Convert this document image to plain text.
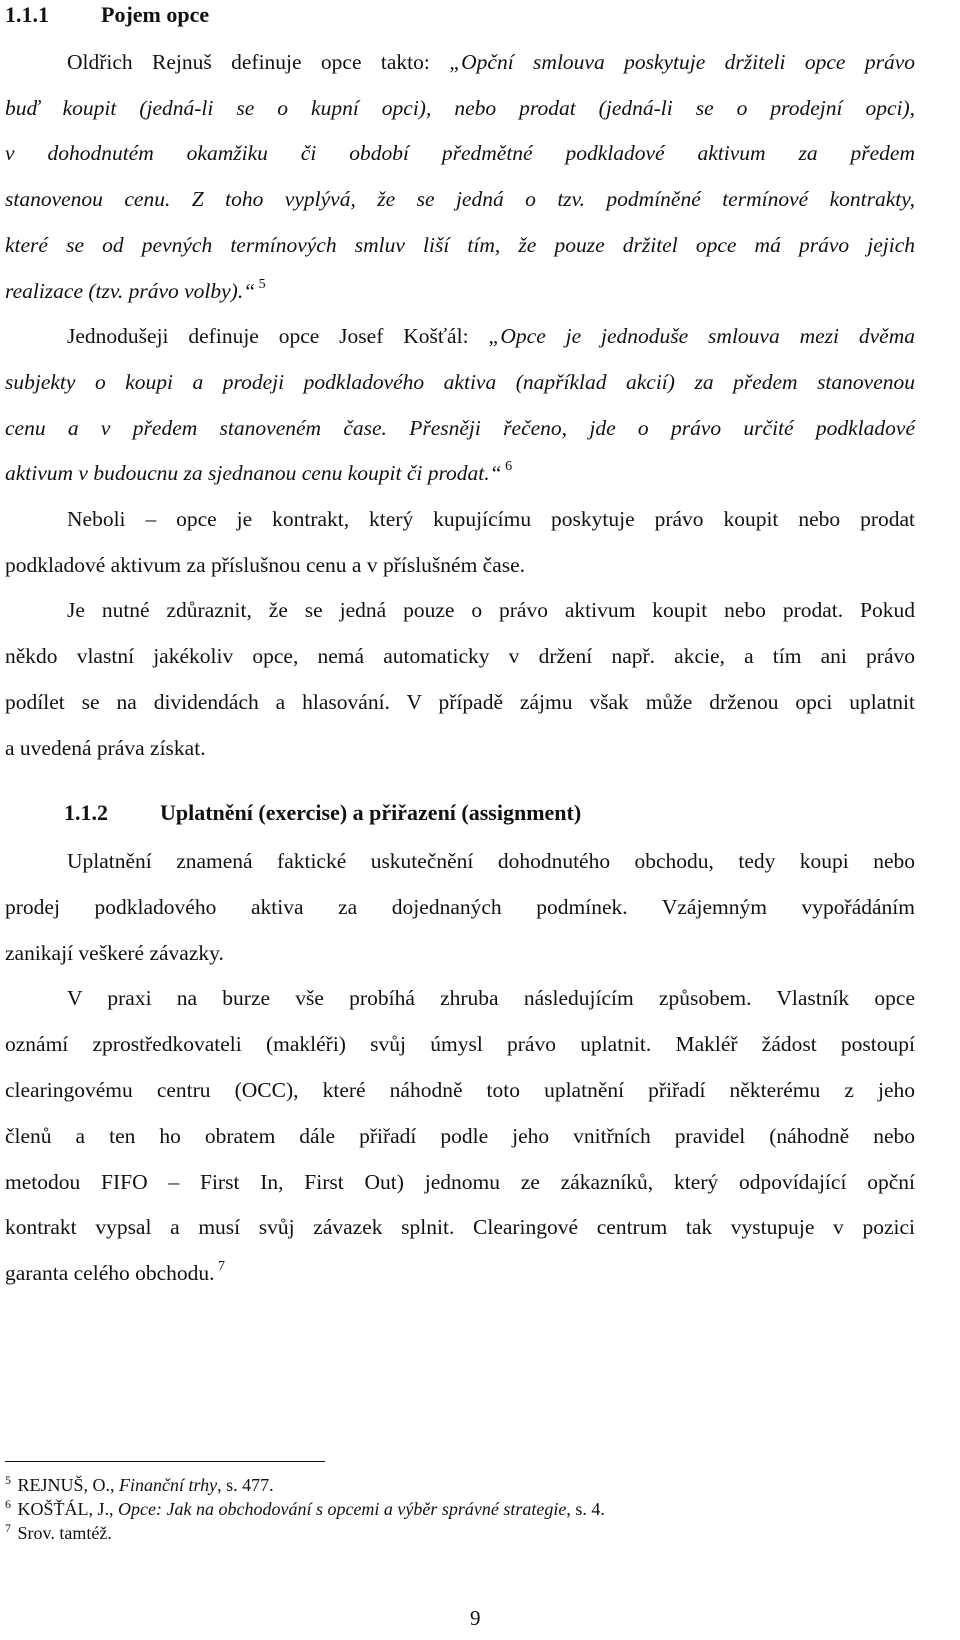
1.1.1 Pojem opce
Oldřich Rejnuš definuje opce takto: „Opční smlouva poskytuje držiteli opce právo
buď koupit (jedná-li se o kupní opci), nebo prodat (jedná-li se o prodejní opci),
v dohodnutém okamžiku či období předmětné podkladové aktivum za předem
stanovenou cenu. Z toho vyplývá, že se jedná o tzv. podmíněné termínové kontrakty,
které se od pevných termínových smluv liší tím, že pouze držitel opce má právo jejich
realizace (tzv. právo volby).“ $^5$
Jednodušeji definuje opce Josef Košťál: „Opce je jednoduše smlouva mezi dvěma
subjekty o koupi a prodeji podkladového aktiva (například akcií) za předem stanovenou
cenu a v předem stanoveném čase. Přesněji řečeno, jde o právo určité podkladové
aktivum v budoucnu za sjednanou cenu koupit či prodat.“ $^6$
Neboli – opce je kontrakt, který kupujícímu poskytuje právo koupit nebo prodat
podkladové aktivum za příslušnou cenu a v příslušném čase.
Je nutné zdůraznit, že se jedná pouze o právo aktivum koupit nebo prodat. Pokud
někdo vlastní jakékoliv opce, nemá automaticky v držení např. akcie, a tím ani právo
podílet se na dividendách a hlasování. V případě zájmu však může drženou opci uplatnit
a uvedená práva získat.
1.1.2 Uplatnění (exercise) a přiřazení (assignment)
Uplatnění znamená faktické uskutečnění dohodnutého obchodu, tedy koupi nebo
prodej podkladového aktiva za dojednaných podmínek. Vzájemným vypořádáním
zanikají veškeré závazky.
V praxi na burze vše probíhá zhruba následujícím způsobem. Vlastník opce
oznámí zprostředkovateli (makléři) svůj úmysl právo uplatnit. Makléř žádost postoupí
clearingovému centru (OCC), které náhodně toto uplatnění přiřadí některému z jeho
členů a ten ho obratem dále přiřadí podle jeho vnitřních pravidel (náhodně nebo
metodou FIFO – First In, First Out) jednomu ze zákazníků, který odpovídající opční
kontrakt vypsal a musí svůj závazek splnit. Clearingové centrum tak vystupuje v pozici
garanta celého obchodu. $^7$
$^5$ REJNUŠ, O., Finanční trhy, s. 477.
$^6$ KOŠŤÁL, J., Opce: Jak na obchodování s opcemi a výběr správné strategie, s. 4.
$^7$ Srov. tamtéž.
9
